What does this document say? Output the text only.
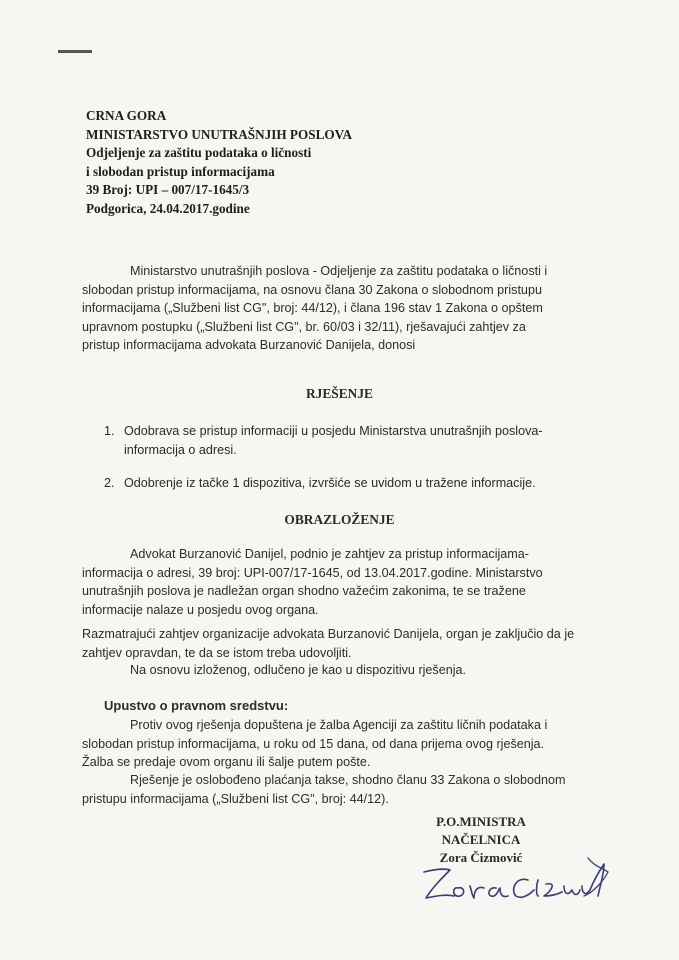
CRNA GORA
MINISTARSTVO UNUTRAŠNJIH POSLOVA
Odjeljenje za zaštitu podataka o ličnosti
i slobodan pristup informacijama
39 Broj: UPI – 007/17-1645/3
Podgorica, 24.04.2017.godine
Ministarstvo unutrašnjih poslova - Odjeljenje za zaštitu podataka o ličnosti i
slobodan pristup informacijama, na osnovu člana 30 Zakona o slobodnom pristupu
informacijama („Službeni list CG", broj: 44/12), i člana 196 stav 1 Zakona o opštem
upravnom postupku („Službeni list CG", br. 60/03 i 32/11), rješavajući zahtjev za
pristup informacijama advokata Burzanović Danijela, donosi
RJEŠENJE
1. Odobrava se pristup informaciji u posjedu Ministarstva unutrašnjih poslova-
informacija o adresi.
2. Odobrenje iz tačke 1 dispozitiva, izvršiće se uvidom u tražene informacije.
OBRAZLOŽENJE
Advokat Burzanović Danijel, podnio je zahtjev za pristup informacijama-
informacija o adresi, 39 broj: UPI-007/17-1645, od 13.04.2017.godine. Ministarstvo
unutrašnjih poslova je nadležan organ shodno važećim zakonima, te se tražene
informacije nalaze u posjedu ovog organa.
Razmatrajući zahtjev organizacije advokata Burzanović Danijela, organ je zaključio da je
zahtjev opravdan, te da se istom treba udovoljiti.
Na osnovu izloženog, odlučeno je kao u dispozitivu rješenja.
Upustvo o pravnom sredstvu:
Protiv ovog rješenja dopuštena je žalba Agenciji za zaštitu ličnih podataka i
slobodan pristup informacijama, u roku od 15 dana, od dana prijema ovog rješenja.
Žalba se predaje ovom organu ili šalje putem pošte.
Rješenje je oslobođeno plaćanja takse, shodno članu 33 Zakona o slobodnom
pristupu informacijama („Službeni list CG", broj: 44/12).
P.O.MINISTRA
NAČELNICA
Zora Čizmović
